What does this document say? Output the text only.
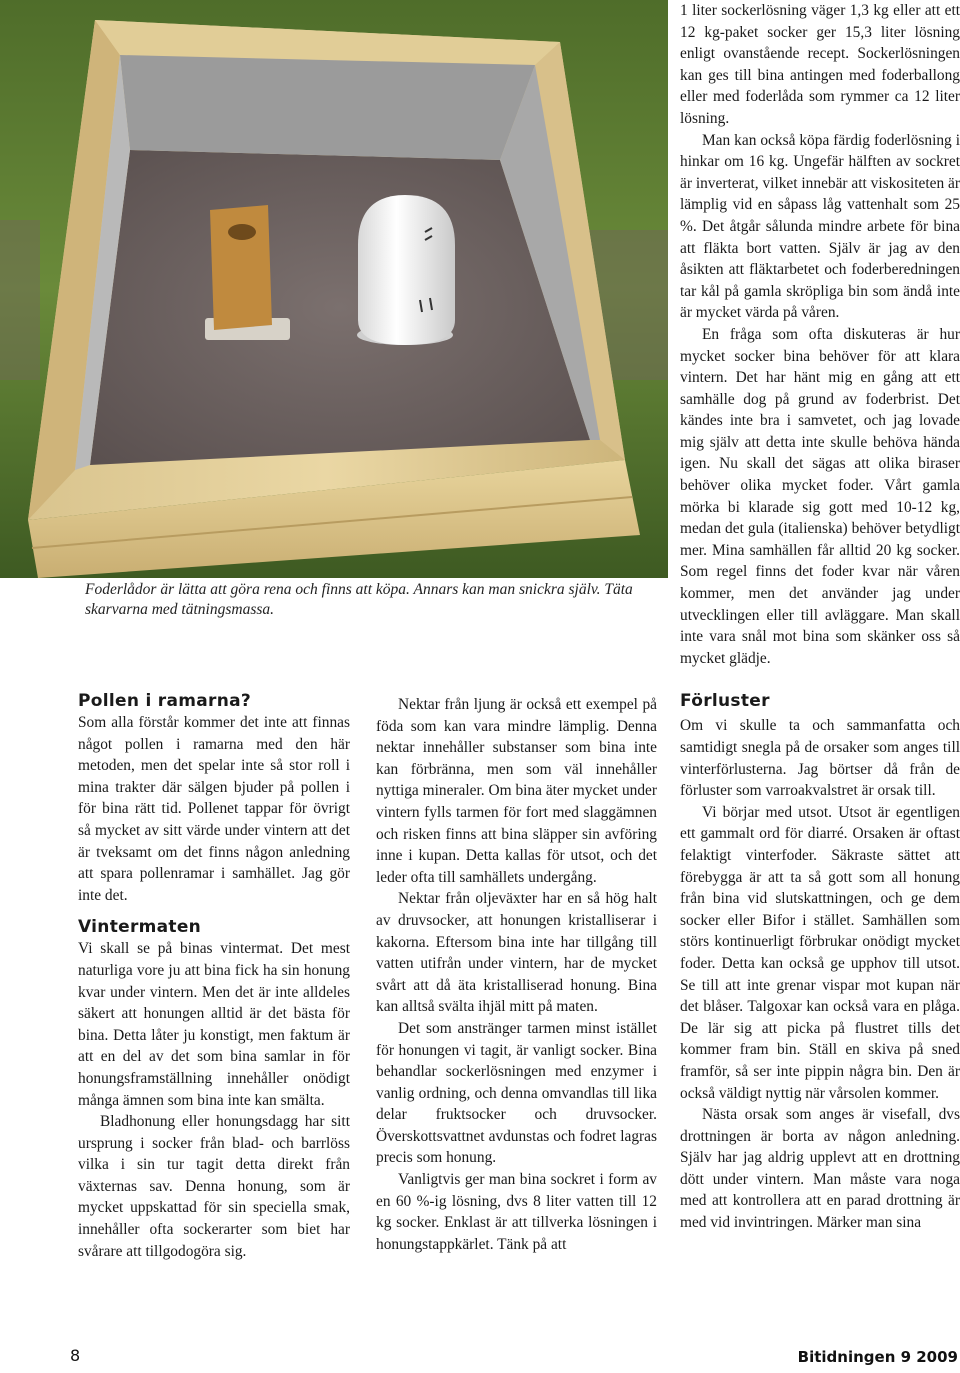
Foderlådor är lätta att göra rena och finns att köpa. Annars kan man snickra själv. Täta skarvarna med tätningsmassa.
Pollen i ramarna?

Som alla förstår kommer det inte att finnas något pollen i ramarna med den här metoden, men det spelar inte så stor roll i mina trakter där sälgen bjuder på pollen i för bina rätt tid. Pollenet tappar för övrigt så mycket av sitt värde under vintern att det är tveksamt om det finns någon anledning att spara pollenramar i samhället. Jag gör inte det.

Vintermaten

Vi skall se på binas vintermat. Det mest naturliga vore ju att bina fick ha sin honung kvar under vintern. Men det är inte alldeles säkert att honungen alltid är det bästa för bina. Detta låter ju konstigt, men faktum är att en del av det som bina samlar in för honungsframställning innehåller onödigt många ämnen som bina inte kan smälta.

Bladhonung eller honungsdagg har sitt ursprung i socker från blad- och barrlöss vilka i sin tur tagit detta direkt från växternas sav. Denna honung, som är mycket uppskattad för sin speciella smak, innehåller ofta sockerarter som biet har svårare att tillgodogöra sig.

Nektar från ljung är också ett exempel på föda som kan vara mindre lämplig. Denna nektar innehåller substanser som bina inte kan förbränna, men som väl innehåller nyttiga mineraler. Om bina äter mycket under vintern fylls tarmen för fort med slaggämnen och risken finns att bina släpper sin avföring inne i kupan. Detta kallas för utsot, och det leder ofta till samhällets undergång.

Nektar från oljeväxter har en så hög halt av druvsocker, att honungen kristalliserar i kakorna. Eftersom bina inte har tillgång till vatten utifrån under vintern, har de mycket svårt att då äta kristalliserad honung. Bina kan alltså svälta ihjäl mitt på maten.

Det som anstränger tarmen minst istället för honungen vi tagit, är vanligt socker. Bina behandlar sockerlösningen med enzymer i vanlig ordning, och denna omvandlas till lika delar fruktsocker och druvsocker. Överskottsvattnet avdunstas och fodret lagras precis som honung.

Vanligtvis ger man bina sockret i form av en 60 %-ig lösning, dvs 8 liter vatten till 12 kg socker. Enklast är att tillverka lösningen i honungstappkärlet. Tänk på att

1 liter sockerlösning väger 1,3 kg eller att ett 12 kg-paket socker ger 15,3 liter lösning enligt ovanstående recept. Sockerlösningen kan ges till bina antingen med foderballong eller med foderlåda som rymmer ca 12 liter lösning.

Man kan också köpa färdig foderlösning i hinkar om 16 kg. Ungefär hälften av sockret är inverterat, vilket innebär att viskositeten är lämplig vid en såpass låg vattenhalt som 25 %. Det åtgår sålunda mindre arbete för bina att fläkta bort vatten. Själv är jag av den åsikten att fläktarbetet och foderberedningen tar kål på gamla skröpliga bin som ändå inte är mycket värda på våren.

En fråga som ofta diskuteras är hur mycket socker bina behöver för att klara vintern. Det har hänt mig en gång att ett samhälle dog på grund av foderbrist. Det kändes inte bra i samvetet, och jag lovade mig själv att detta inte skulle behöva hända igen. Nu skall det sägas att olika biraser behöver olika mycket foder. Vårt gamla mörka bi klarade sig gott med 10-12 kg, medan det gula (italienska) behöver betydligt mer. Mina samhällen får alltid 20 kg socker. Som regel finns det foder kvar när våren kommer, men det använder jag under utvecklingen eller till avläggare. Man skall inte vara snål mot bina som skänker oss så mycket glädje.

Förluster

Om vi skulle ta och sammanfatta och samtidigt snegla på de orsaker som anges till vinterförlusterna. Jag börtser då från de förluster som varroakvalstret är orsak till.

Vi börjar med utsot. Utsot är egentligen ett gammalt ord för diarré. Orsaken är oftast felaktigt vinterfoder. Säkraste sättet att förebygga är att ta så gott som all honung från bina vid slutskattningen, och ge dem socker eller Bifor i stället. Samhällen som störs kontinuerligt förbrukar onödigt mycket foder. Detta kan också ge upphov till utsot. Se till att inte grenar vispar mot kupan när det blåser. Talgoxar kan också vara en plåga. De lär sig att picka på flustret tills det kommer fram bin. Ställ en skiva på sned framför, så ser inte pippin några bin. Den är också väldigt nyttig när vårsolen kommer.

Nästa orsak som anges är visefall, dvs drottningen är borta av någon anledning. Själv har jag aldrig upplevt att en drottning dött under vintern. Man måste vara noga med att kontrollera att en parad drottning är med vid invintringen. Märker man sina

8	Bitidningen 9 2009
